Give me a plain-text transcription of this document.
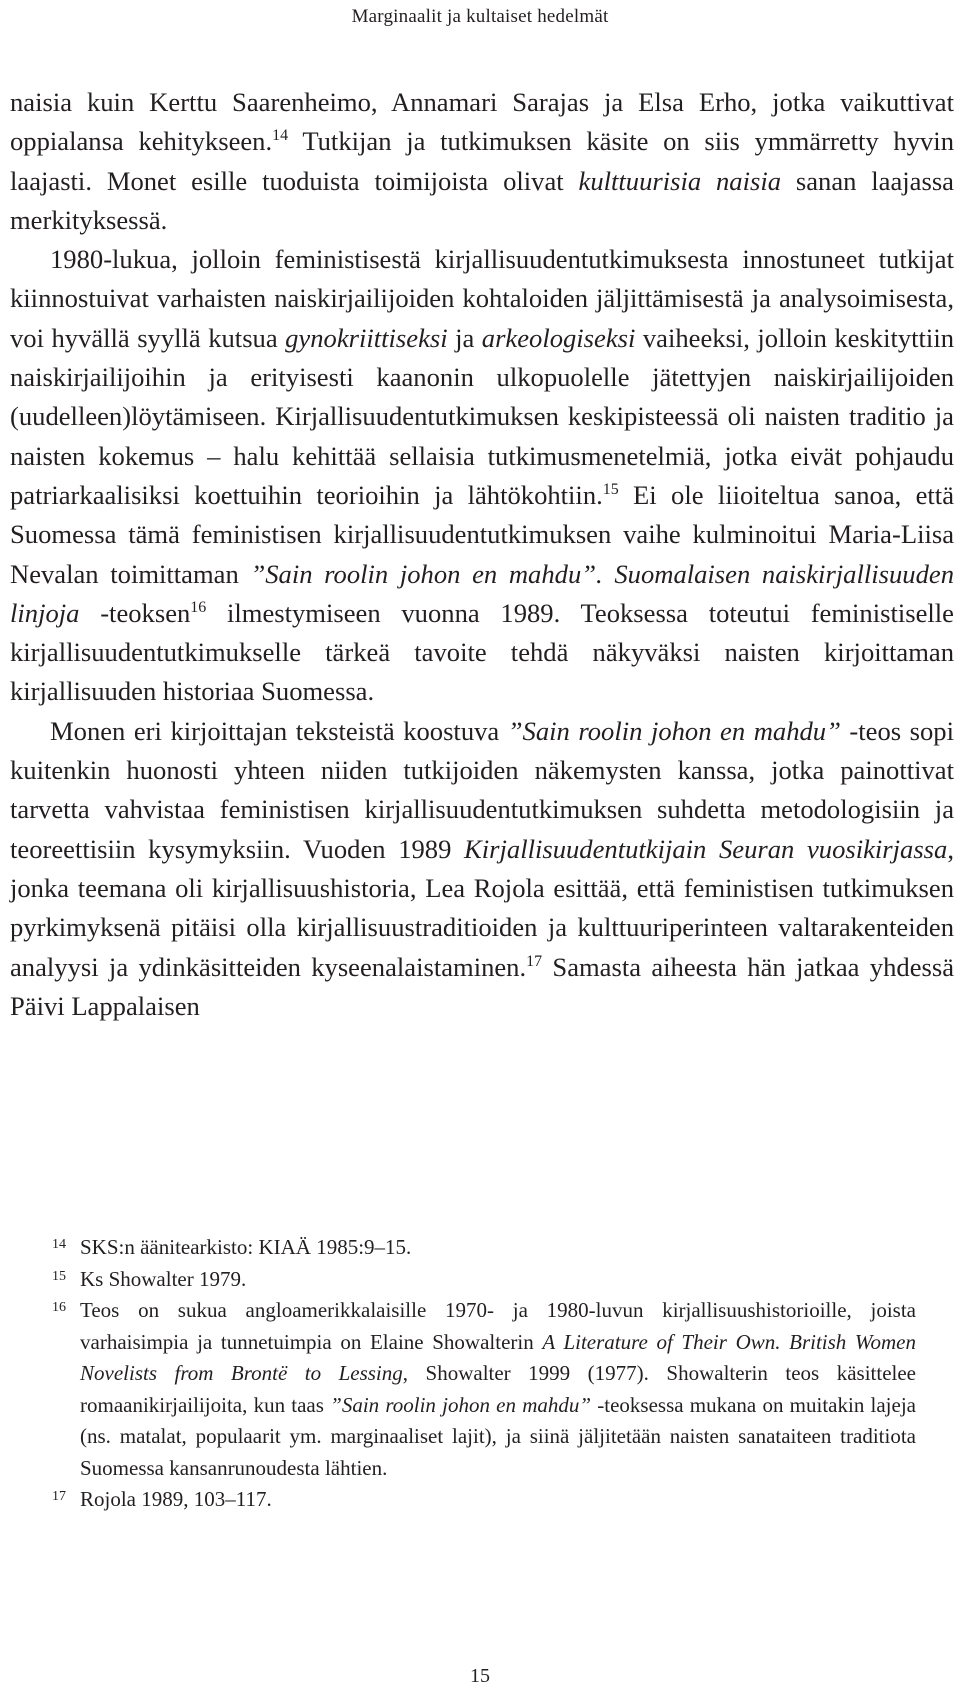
Marginaalit ja kultaiset hedelmät

naisia kuin Kerttu Saarenheimo, Annamari Sarajas ja Elsa Erho, jotka vaikuttivat oppialansa kehitykseen.$^{14}$ Tutkijan ja tutkimuksen käsite on siis ymmärretty hyvin laajasti. Monet esille tuoduista toimijoista olivat kulttuurisia naisia sanan laajassa merkityksessä.

1980-lukua, jolloin feministisestä kirjallisuudentutkimuksesta innostuneet tutkijat kiinnostuivat varhaisten naiskirjailijoiden kohtaloiden jäljittämisestä ja analysoimisesta, voi hyvällä syyllä kutsua gynokriittiseksi ja arkeologiseksi vaiheeksi, jolloin keskityttiin naiskirjailijoihin ja erityisesti kaanonin ulkopuolelle jätettyjen naiskirjailijoiden (uudelleen)löytämiseen. Kirjallisuudentutkimuksen keskipisteessä oli naisten traditio ja naisten kokemus – halu kehittää sellaisia tutkimusmenetelmiä, jotka eivät pohjaudu patriarkaalisiksi koettuihin teorioihin ja lähtökohtiin.$^{15}$ Ei ole liioiteltua sanoa, että Suomessa tämä feministisen kirjallisuudentutkimuksen vaihe kulminoitui Maria-Liisa Nevalan toimittaman ”Sain roolin johon en mahdu”. Suomalaisen naiskirjallisuuden linjoja -teoksen$^{16}$ ilmestymiseen vuonna 1989. Teoksessa toteutui feministiselle kirjallisuudentutkimukselle tärkeä tavoite tehdä näkyväksi naisten kirjoittaman kirjallisuuden historiaa Suomessa.

Monen eri kirjoittajan teksteistä koostuva ”Sain roolin johon en mahdu” -teos sopi kuitenkin huonosti yhteen niiden tutkijoiden näkemysten kanssa, jotka painottivat tarvetta vahvistaa feministisen kirjallisuudentutkimuksen suhdetta metodologisiin ja teoreettisiin kysymyksiin. Vuoden 1989 Kirjallisuudentutkijain Seuran vuosikirjassa, jonka teemana oli kirjallisuushistoria, Lea Rojola esittää, että feministisen tutkimuksen pyrkimyksenä pitäisi olla kirjallisuustraditioiden ja kulttuuriperinteen valtarakenteiden analyysi ja ydinkäsitteiden kyseenalaistaminen.$^{17}$ Samasta aiheesta hän jatkaa yhdessä Päivi Lappalaisen

14 SKS:n äänitearkisto: KIAÄ 1985:9–15.

15 Ks Showalter 1979.

16 Teos on sukua angloamerikkalaisille 1970- ja 1980-luvun kirjallisuushistorioille, joista varhaisimpia ja tunnetuimpia on Elaine Showalterin A Literature of Their Own. British Women Novelists from Brontë to Lessing, Showalter 1999 (1977). Showalterin teos käsittelee romaanikirjailijoita, kun taas ”Sain roolin johon en mahdu” -teoksessa mukana on muitakin lajeja (ns. matalat, populaarit ym. marginaaliset lajit), ja siinä jäljitetään naisten sanataiteen traditiota Suomessa kansanrunoudesta lähtien.

17 Rojola 1989, 103–117.

15
